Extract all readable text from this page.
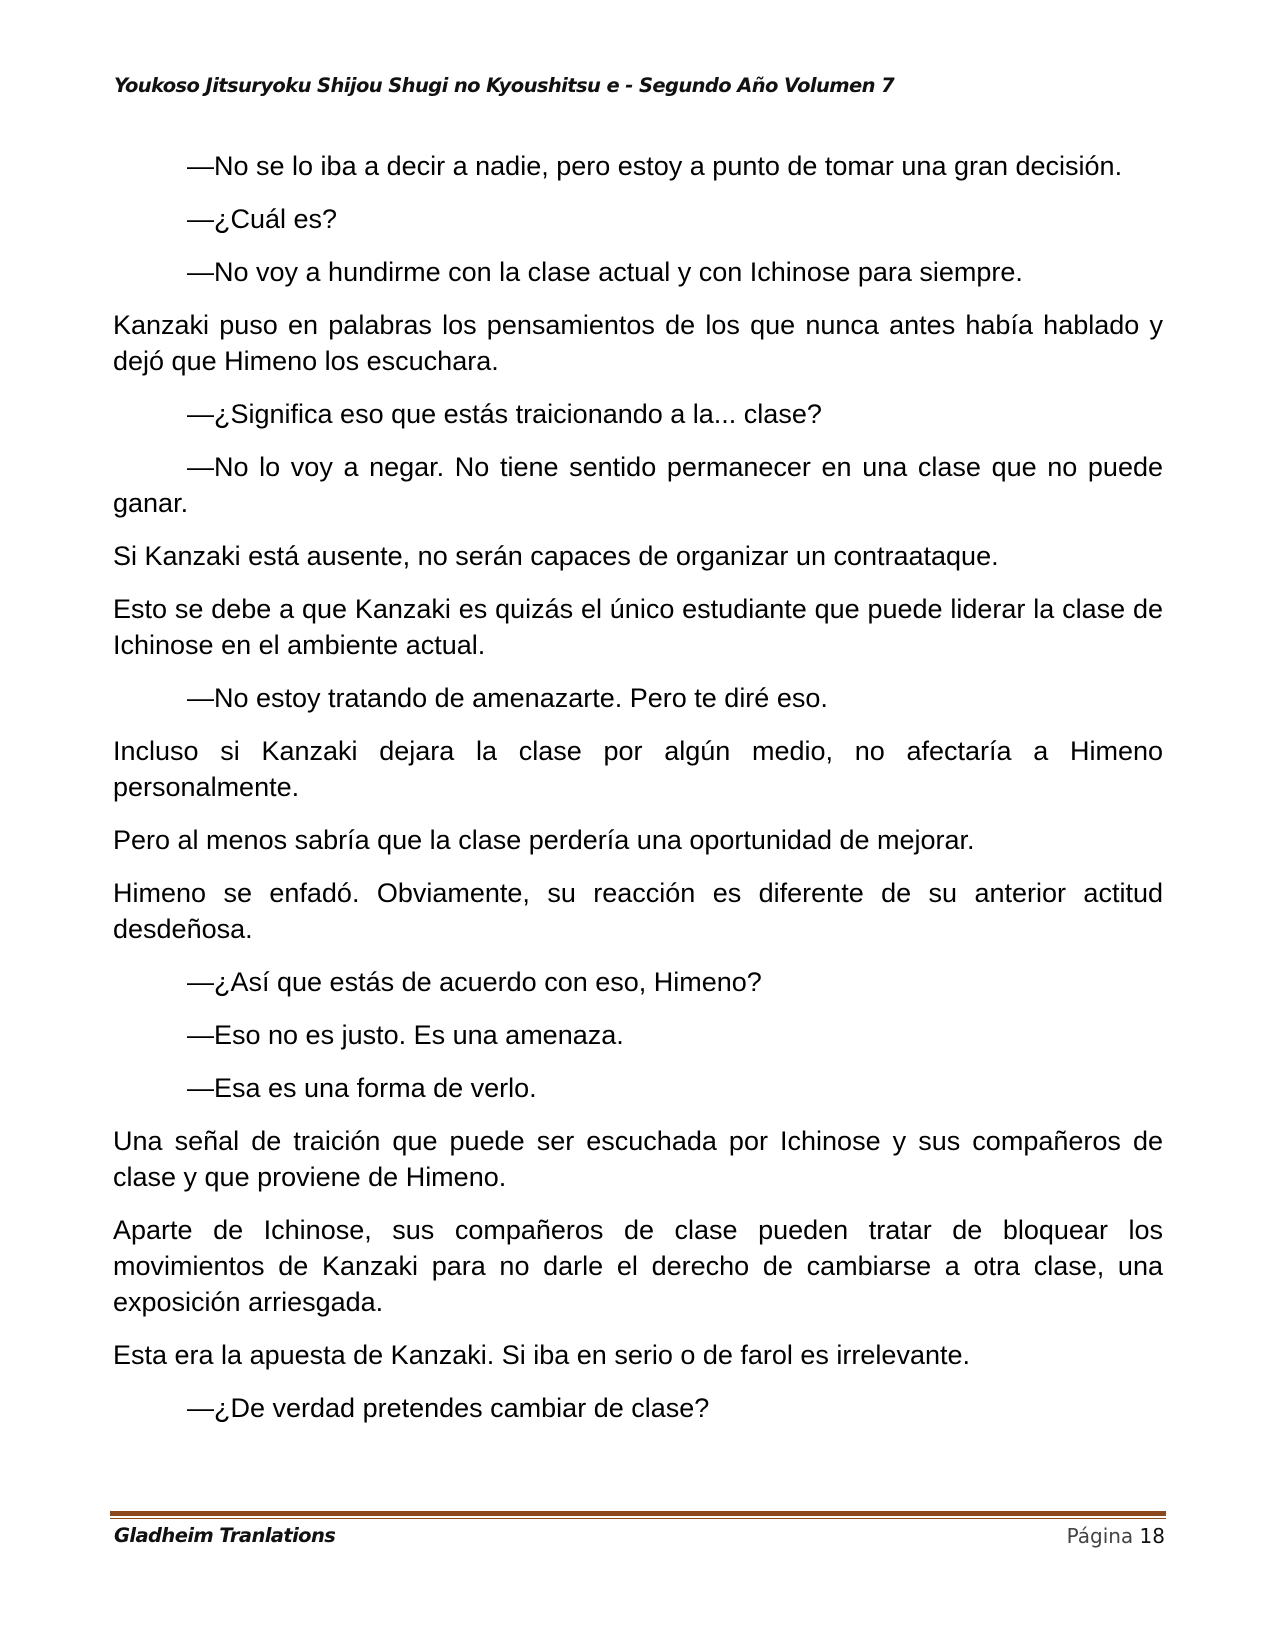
Youkoso Jitsuryoku Shijou Shugi no Kyoushitsu e - Segundo Año Volumen 7

—No se lo iba a decir a nadie, pero estoy a punto de tomar una gran decisión.

—¿Cuál es?

—No voy a hundirme con la clase actual y con Ichinose para siempre.

Kanzaki puso en palabras los pensamientos de los que nunca antes había hablado y dejó que Himeno los escuchara.

—¿Significa eso que estás traicionando a la... clase?

—No lo voy a negar. No tiene sentido permanecer en una clase que no puede ganar.

Si Kanzaki está ausente, no serán capaces de organizar un contraataque.

Esto se debe a que Kanzaki es quizás el único estudiante que puede liderar la clase de Ichinose en el ambiente actual.

—No estoy tratando de amenazarte. Pero te diré eso.

Incluso si Kanzaki dejara la clase por algún medio, no afectaría a Himeno personalmente.

Pero al menos sabría que la clase perdería una oportunidad de mejorar.

Himeno se enfadó. Obviamente, su reacción es diferente de su anterior actitud desdeñosa.

—¿Así que estás de acuerdo con eso, Himeno?

—Eso no es justo. Es una amenaza.

—Esa es una forma de verlo.

Una señal de traición que puede ser escuchada por Ichinose y sus compañeros de clase y que proviene de Himeno.

Aparte de Ichinose, sus compañeros de clase pueden tratar de bloquear los movimientos de Kanzaki para no darle el derecho de cambiarse a otra clase, una exposición arriesgada.

Esta era la apuesta de Kanzaki. Si iba en serio o de farol es irrelevante.

—¿De verdad pretendes cambiar de clase?

Gladheim Tranlations	Página 18
